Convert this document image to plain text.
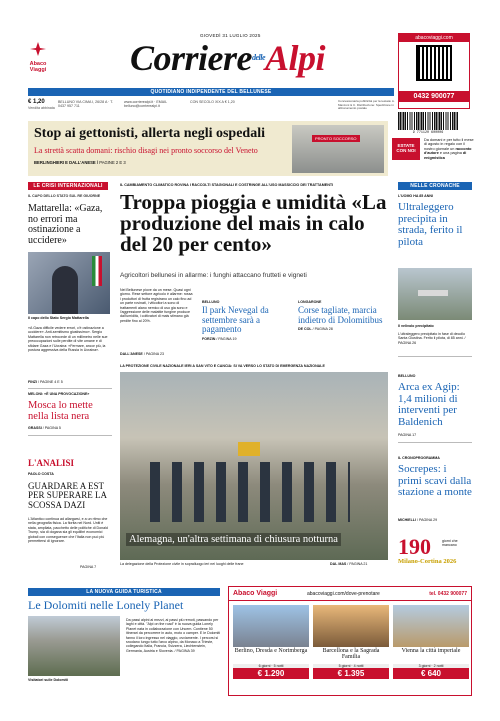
Abaco Viaggi
GIOVEDÌ 31 LUGLIO 2025
Corriere$^{delle}$Alpi	abacoviaggi.com
0432 900077
QUOTIDIANO INDIPENDENTE DEL BELLUNESE
€ 1,20
Vendita abbinata
BELLUNO VIA CIMA I, 26/28 A · T. 0437 957 711
www.corrierealpi.it · EMAIL belluno@corrierealpi.it
CON SECOLO XIX A € 1,20	Concessionaria pubblicità per la testata: A. Manzoni & C. Distribuzione: Spedizione in abbonamento postale
9 771120 600006
Stop ai gettonisti, allerta negli ospedali
La strettà scatta domani: rischio disagi nei pronto soccorso del Veneto
BERLINGHIERI E DALL'ANESE / PAGINE 2 E 3
PRONTO SOCCORSO
ESTATE
CON NOI
Da domani e per tutto il mese di agosto in regalo con il nostro giornale un racconto d'autore e una pagina di enigmistica
LE CRISI INTERNAZIONALI
IL CAPO DELLO STATO SUL RE GIUORNE
Mattarella: «Gaza, no errori ma ostinazione a uccidere»
Il capo dello Stato Sergio Mattarella
«A Gaza difficile vedere errori, c'è ostinazione a uccidere». Anti-semitismo giustissimo». Sergio Mattarella non retrocede di un millimetro nelle sue preoccupazioni sulle perdite di vite umane e di sfidare Gaza e l'Ucraina: «Fermare, ancor più, la postura aggressiva della Russia in Ucraina».
FINZI / PAGINE 4 E 5
MELONI: «È UNA PROVOCAZIONE»
Mosca lo mette nella lista nera
GRASSI / PAGINA 5
L'ANALISI
PAOLO COSTA
GUARDARE A EST PER SUPERARE LA SCOSSA DAZI
L'Atlantico continua ad allargarsi, e a un ritmo che nella geografia fisica. La fiorita nel Nord. Uniti è stata, ampliata, pacchetto delle politiche di Donald Trump, sia di dogana sia gli equilibri economici globali con conseguenze che l'Italia non può più permettersi di ignorare.
PAGINA 7
IL CAMBIAMENTO CLIMATICO ROVINA I RACCOLTI STAGIONALI E COSTRINGE ALL'USO MASSICCIO DEI TRATTAMENTI
Troppa pioggia e umidità «La produzione del mais in calo del 20 per cento»
Agricoltori bellunesi in allarme: i funghi attaccano frutteti e vigneti
Nel Bellunese piove da un mese. Quasi ogni giorno. Rese settore agricolo è allarme: rossa i produttori di frutta registrano un calo fino ad un parte rovinati, i viticoltori a sono di trattamenti alano nemico di uso gia sono e l'aggressione delle malattie fungine produce dall'umidità, i coltivatori di mais stimano già perdite fino al 20%.
DALL'ANESE / PAGINA 23
BELLUNO
Il park Nevegal da settembre sarà a pagamento
FORZIN / PAGINA 19
LONGARONE
Corse tagliate, marcia indietro di Dolomitibus
DE COL / PAGINA 28
LA PROTEZIONE CIVILE NAZIONALE IERI A SAN VITO E CANCIA: SI VA VERSO LO STATO DI EMERGENZA NAZIONALE
Alemagna, un'altra settimana di chiusura notturna
La delegazione della Protezione civile in sopralluogo ieri nei luoghi delle frane	DAL MAS / PAGINA 21
NELLE CRONACHE
L'UOMO HA 85 ANNI
Ultraleggero precipita in strada, ferito il pilota
Il velivolo precipitato
L'ultraleggero precipitato in fase di decollo Santa Giustina. Ferito il pilota, di 85 anni. / PAGINA 26
BELLUNO
Arca ex Agip: 1,4 milioni di interventi per Baldenich
PAGINA 17
IL CRONOPROGRAMMA
Socrepes: i primi scavi dalla stazione a monte
MICHIELLI / PAGINA 29
190	giorni che mancano
Milano-Cortina 2026
LA NUOVA GUIDA TURISTICA
Le Dolomiti nelle Lonely Planet
Visitatori sulle Dolomiti
Da passi alpini ai mezzi, ai passi più remoti, passando per laghi e città. "Alpi on the road" è la nuova guida Lonely Planet nata in collaborazione con Uncem. Contiene 50 itinerari da percorrere in auto, moto o camper. E le Dolomiti fanno il loro ingresso nel viaggio, ovviamente. I percorsi si snodano lungo tutto l'arco alpino, da Monaco a Trieste, collegando Italia, Francia, Svizzera, Liechtenstein, Germania, Austria e Slovenia. / PAGINA 39
Abaco Viaggi	abacoviaggi.com/dove-prenotare	tel. 0432 900077
Berlino, Dresda e Norimberga
6 giorni · 5 notti
€ 1.290
Barcellona e la Sagrada Familia
5 giorni · 4 notti
€ 1.395
Vienna la città imperiale
3 giorni · 2 notti
€ 640
